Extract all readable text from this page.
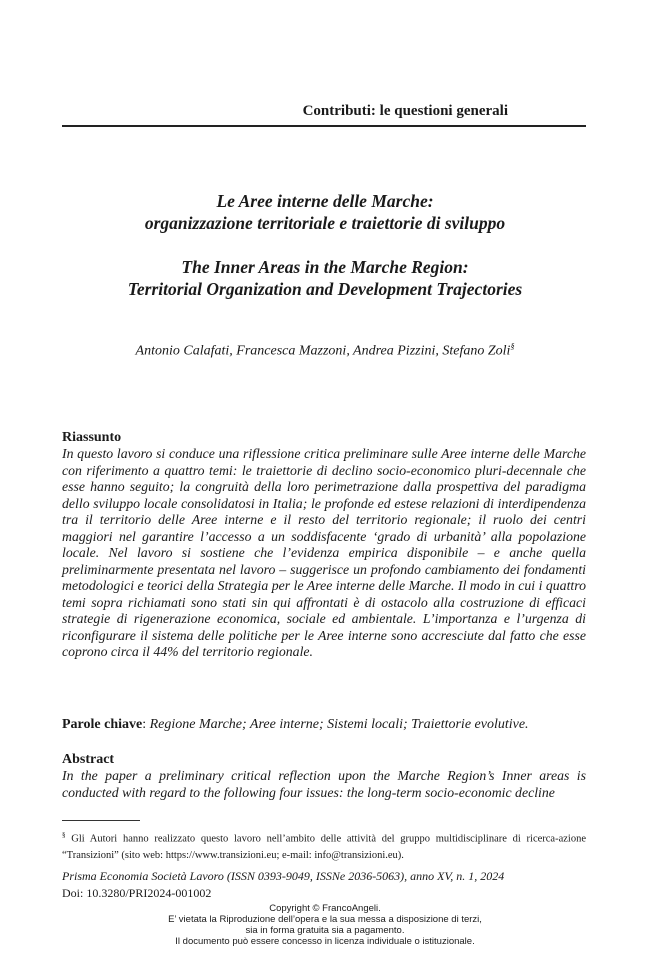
Contributi: le questioni generali
Le Aree interne delle Marche:
organizzazione territoriale e traiettorie di sviluppo
The Inner Areas in the Marche Region:
Territorial Organization and Development Trajectories
Antonio Calafati, Francesca Mazzoni, Andrea Pizzini, Stefano Zoli§
Riassunto
In questo lavoro si conduce una riflessione critica preliminare sulle Aree interne delle Marche con riferimento a quattro temi: le traiettorie di declino socio-economico pluri-decennale che esse hanno seguito; la congruità della loro perimetrazione dalla prospettiva del paradigma dello sviluppo locale consolidatosi in Italia; le profonde ed estese relazioni di interdipendenza tra il territorio delle Aree interne e il resto del territorio regionale; il ruolo dei centri maggiori nel garantire l’accesso a un soddisfacente ‘grado di urbanità’ alla popolazione locale. Nel lavoro si sostiene che l’evidenza empirica disponibile – e anche quella preliminarmente presentata nel lavoro – suggerisce un profondo cambiamento dei fondamenti metodologici e teorici della Strategia per le Aree interne delle Marche. Il modo in cui i quattro temi sopra richiamati sono stati sin qui affrontati è di ostacolo alla costruzione di efficaci strategie di rigenerazione economica, sociale ed ambientale. L’importanza e l’urgenza di riconfigurare il sistema delle politiche per le Aree interne sono accresciute dal fatto che esse coprono circa il 44% del territorio regionale.
Parole chiave: Regione Marche; Aree interne; Sistemi locali; Traiettorie evolutive.
Abstract
In the paper a preliminary critical reflection upon the Marche Region’s Inner areas is conducted with regard to the following four issues: the long-term socio-economic decline
§ Gli Autori hanno realizzato questo lavoro nell’ambito delle attività del gruppo multidisciplinare di ricerca-azione “Transizioni” (sito web: https://www.transizioni.eu; e-mail: info@transizioni.eu).
Prisma Economia Società Lavoro (ISSN 0393-9049, ISSNe 2036-5063), anno XV, n. 1, 2024
Doi: 10.3280/PRI2024-001002
Copyright © FrancoAngeli.
E’ vietata la Riproduzione dell’opera e la sua messa a disposizione di terzi,
sia in forma gratuita sia a pagamento.
Il documento può essere concesso in licenza individuale o istituzionale.
